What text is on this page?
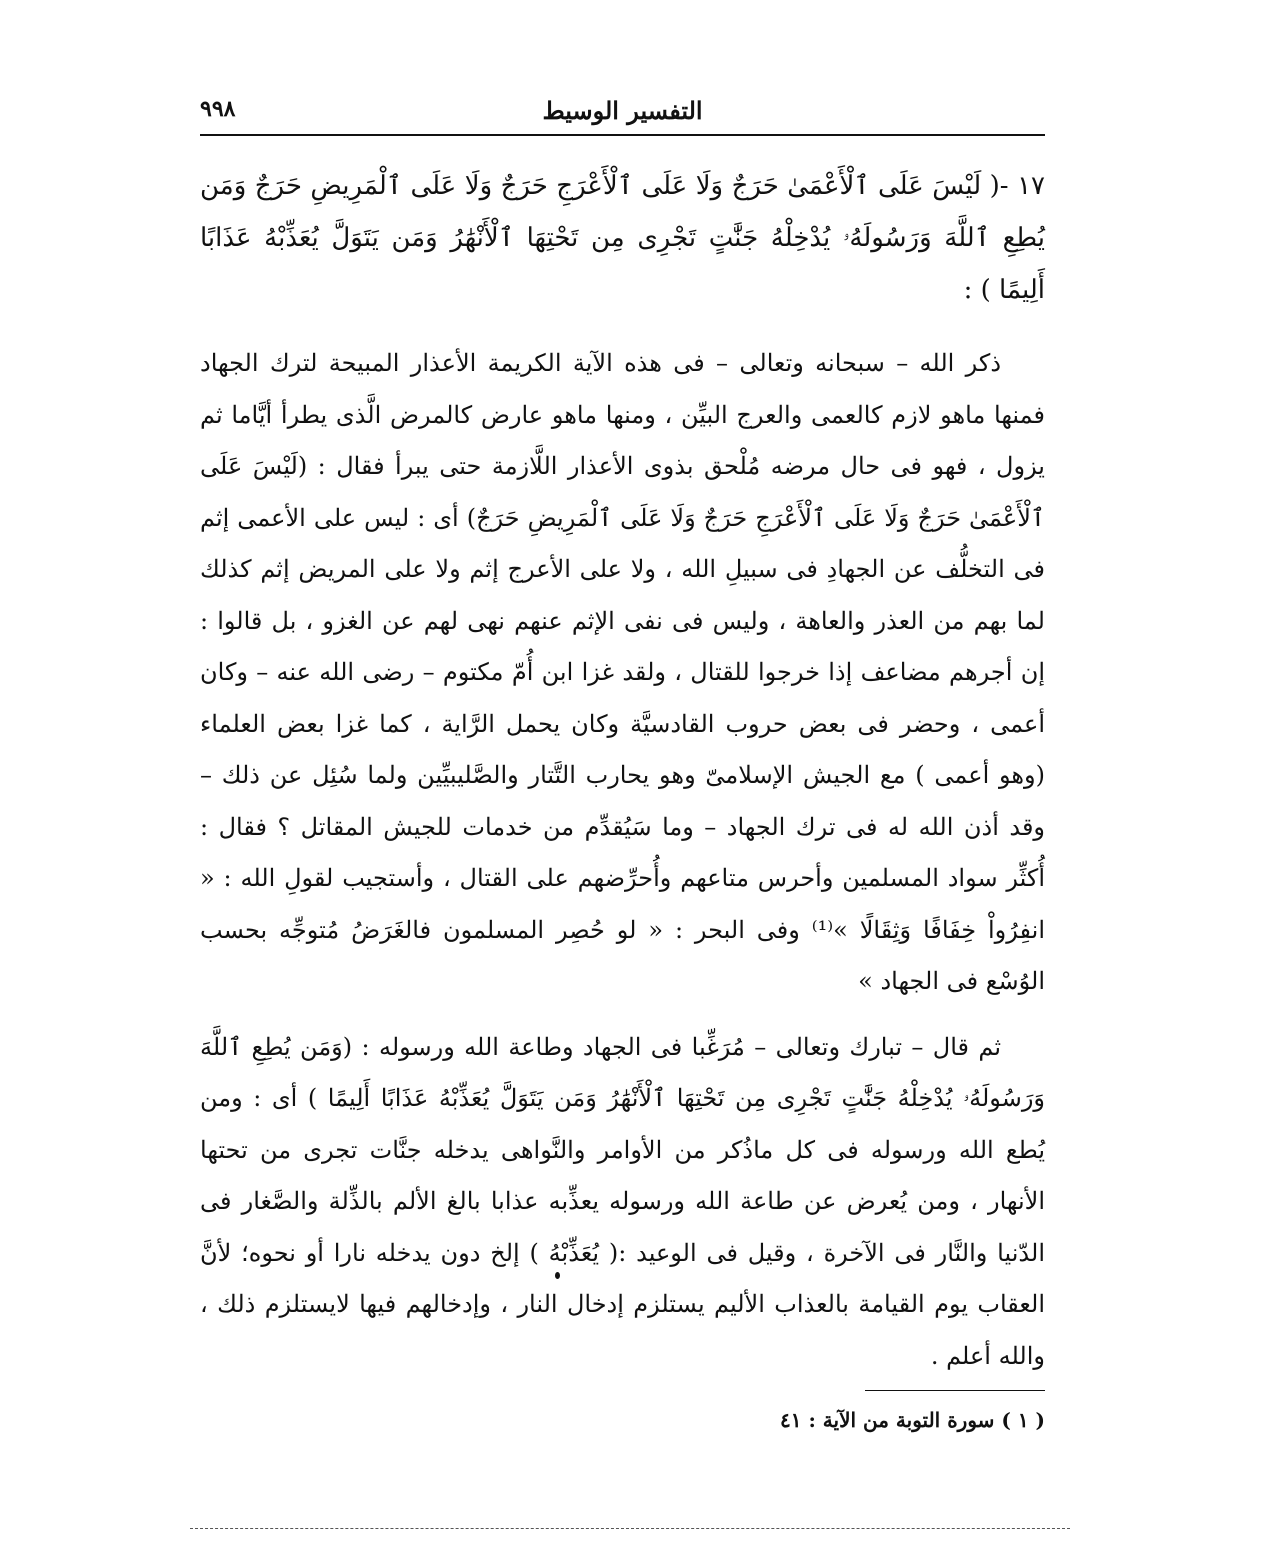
٩٩٨	التفسير الوسيط

١٧ -( لَيْسَ عَلَى ٱلْأَعْمَىٰ حَرَجٌ وَلَا عَلَى ٱلْأَعْرَجِ حَرَجٌ وَلَا عَلَى ٱلْمَرِيضِ حَرَجٌ وَمَن يُطِعِ ٱللَّهَ وَرَسُولَهُۥ يُدْخِلْهُ جَنَّٰتٍ تَجْرِى مِن تَحْتِهَا ٱلْأَنْهَٰرُ وَمَن يَتَوَلَّ يُعَذِّبْهُ عَذَابًا أَلِيمًا ) :

ذكر الله – سبحانه وتعالى – فى هذه الآية الكريمة الأعذار المبيحة لترك الجهاد فمنها ماهو لازم كالعمى والعرج البيِّن ، ومنها ماهو عارض كالمرض الَّذى يطرأ أيَّاما ثم يزول ، فهو فى حال مرضه مُلْحق بذوى الأعذار اللَّازمة حتى يبرأ فقال : (لَيْسَ عَلَى ٱلْأَعْمَىٰ حَرَجٌ وَلَا عَلَى ٱلْأَعْرَجِ حَرَجٌ وَلَا عَلَى ٱلْمَرِيضِ حَرَجٌ) أى : ليس على الأعمى إثم فى التخلُّف عن الجهادِ فى سبيلِ الله ، ولا على الأعرج إثم ولا على المريض إثم كذلك لما بهم من العذر والعاهة ، وليس فى نفى الإثم عنهم نهى لهم عن الغزو ، بل قالوا : إن أجرهم مضاعف إذا خرجوا للقتال ، ولقد غزا ابن أُمّ مكتوم – رضى الله عنه – وكان أعمى ، وحضر فى بعض حروب القادسيَّة وكان يحمل الرَّاية ، كما غزا بعض العلماء (وهو أعمى ) مع الجيش الإسلامىّ وهو يحارب التَّتار والصَّليبيِّين ولما سُئِل عن ذلك – وقد أذن الله له فى ترك الجهاد – وما سَيُقدِّم من خدمات للجيش المقاتل ؟ فقال : أُكثِّر سواد المسلمين وأحرس متاعهم وأُحرِّضهم على القتال ، وأستجيب لقولِ الله : « انفِرُواْ خِفَافًا وَثِقَالًا »⁽¹⁾ وفى البحر : « لو حُصِر المسلمون فالغَرَضُ مُتوجِّه بحسب الوُسْع فى الجهاد »

ثم قال – تبارك وتعالى – مُرَغِّبا فى الجهاد وطاعة الله ورسوله : (وَمَن يُطِعِ ٱللَّهَ وَرَسُولَهُۥ يُدْخِلْهُ جَنَّٰتٍ تَجْرِى مِن تَحْتِهَا ٱلْأَنْهَٰرُ وَمَن يَتَوَلَّ يُعَذِّبْهُ عَذَابًا أَلِيمًا ) أى : ومن يُطع الله ورسوله فى كل ماذُكر من الأوامر والنَّواهى يدخله جنَّات تجرى من تحتها الأنهار ، ومن يُعرض عن طاعة الله ورسوله يعذِّبه عذابا بالغ الألم بالذِّلة والصَّغار فى الدّنيا والنَّار فى الآخرة ، وقيل فى الوعيد :( يُعَذِّبْهُ ) إلخ دون يدخله نارا أو نحوه؛ لأنَّ العقاب يوم القيامة بالعذاب الأليم يستلزم إدخال النار ، وإدخالهم فيها لايستلزم ذلك ، والله أعلم .

( ١ ) سورة التوبة من الآية : ٤١
